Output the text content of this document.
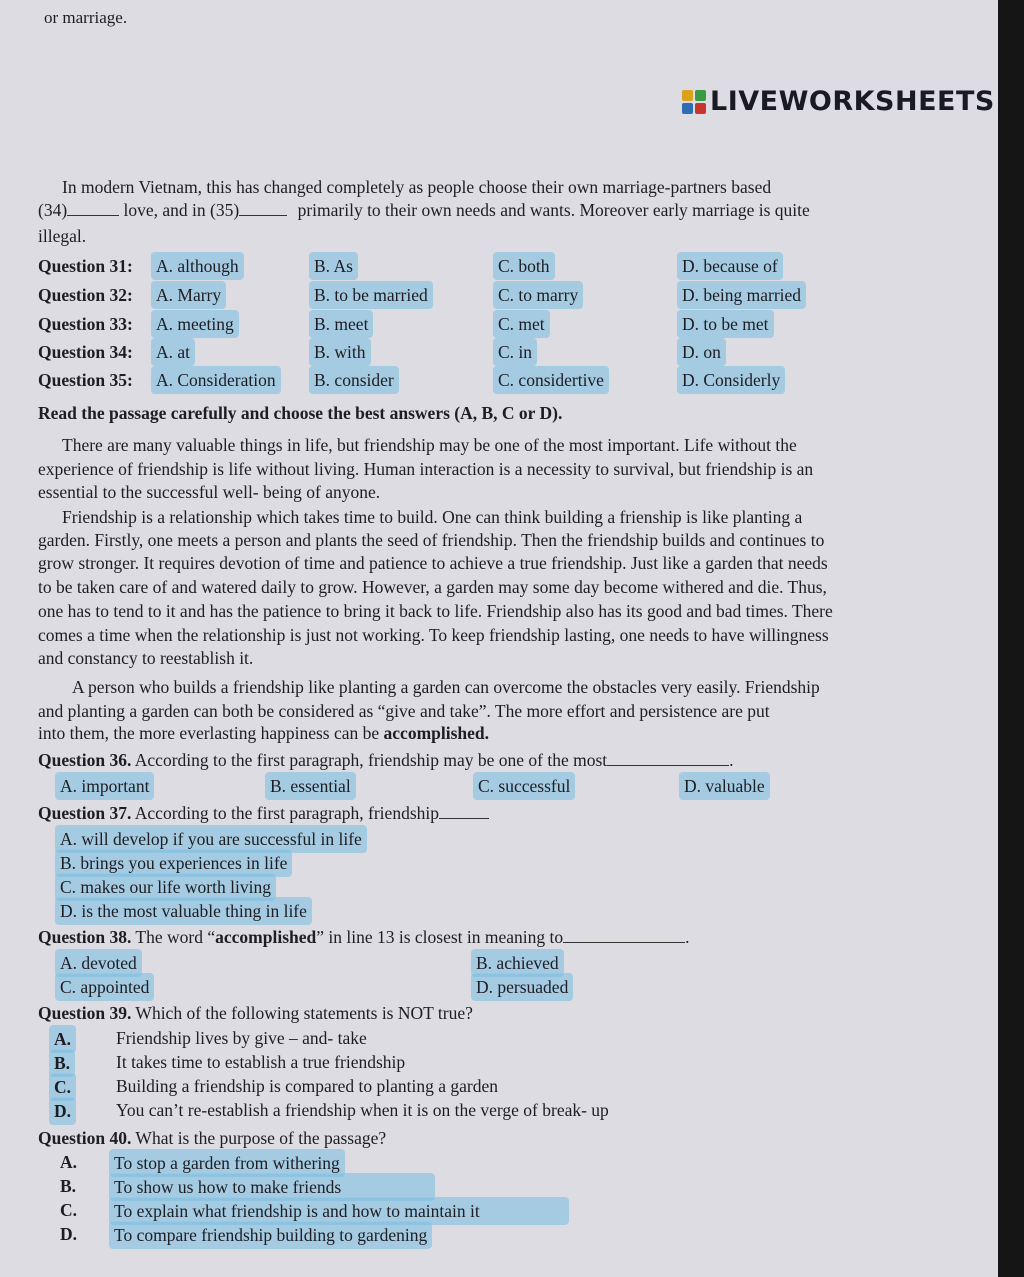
or marriage.
LIVEWORKSHEETS
In modern Vietnam, this has changed completely as people choose their own marriage-partners based
(34)	love, and in (35)	primarily to their own needs and wants. Moreover early marriage is quite
illegal.
Question 31: A. although	B. As	C. both	D. because of
Question 32: A. Marry	B. to be married	C. to marry	D. being married
Question 33: A. meeting	B. meet	C. met	D. to be met
Question 34: A. at	B. with	C. in	D. on
Question 35: A. Consideration B. consider	C. considertive	D. Considerly
Read the passage carefully and choose the best answers (A, B, C or D).
There are many valuable things in life, but friendship may be one of the most important. Life without the
experience of friendship is life without living. Human interaction is a necessity to survival, but friendship is an
essential to the successful well- being of anyone.
Friendship is a relationship which takes time to build. One can think building a frienship is like planting a
garden. Firstly, one meets a person and plants the seed of friendship. Then the friendship builds and continues to
grow stronger. It requires devotion of time and patience to achieve a true friendship. Just like a garden that needs
to be taken care of and watered daily to grow. However, a garden may some day become withered and die. Thus,
one has to tend to it and has the patience to bring it back to life. Friendship also has its good and bad times. There
comes a time when the relationship is just not working. To keep friendship lasting, one needs to have willingness
and constancy to reestablish it.
A person who builds a friendship like planting a garden can overcome the obstacles very easily. Friendship
and planting a garden can both be considered as “give and take”. The more effort and persistence are put
into them, the more everlasting happiness can be accomplished.
Question 36. According to the first paragraph, friendship may be one of the most	.
A. important	B. essential	C. successful	D. valuable
Question 37. According to the first paragraph, friendship
A. will develop if you are successful in life
B. brings you experiences in life
C. makes our life worth living
D. is the most valuable thing in life
Question 38. The word “accomplished” in line 13 is closest in meaning to	.
A. devoted	B. achieved
C. appointed	D. persuaded
Question 39. Which of the following statements is NOT true?
A.	Friendship lives by give – and- take
B.	It takes time to establish a true friendship
C.	Building a friendship is compared to planting a garden
D.	You can’t re-establish a friendship when it is on the verge of break- up
Question 40. What is the purpose of the passage?
A. To stop a garden from withering
B. To show us how to make friends
C. To explain what friendship is and how to maintain it
D. To compare friendship building to gardening
